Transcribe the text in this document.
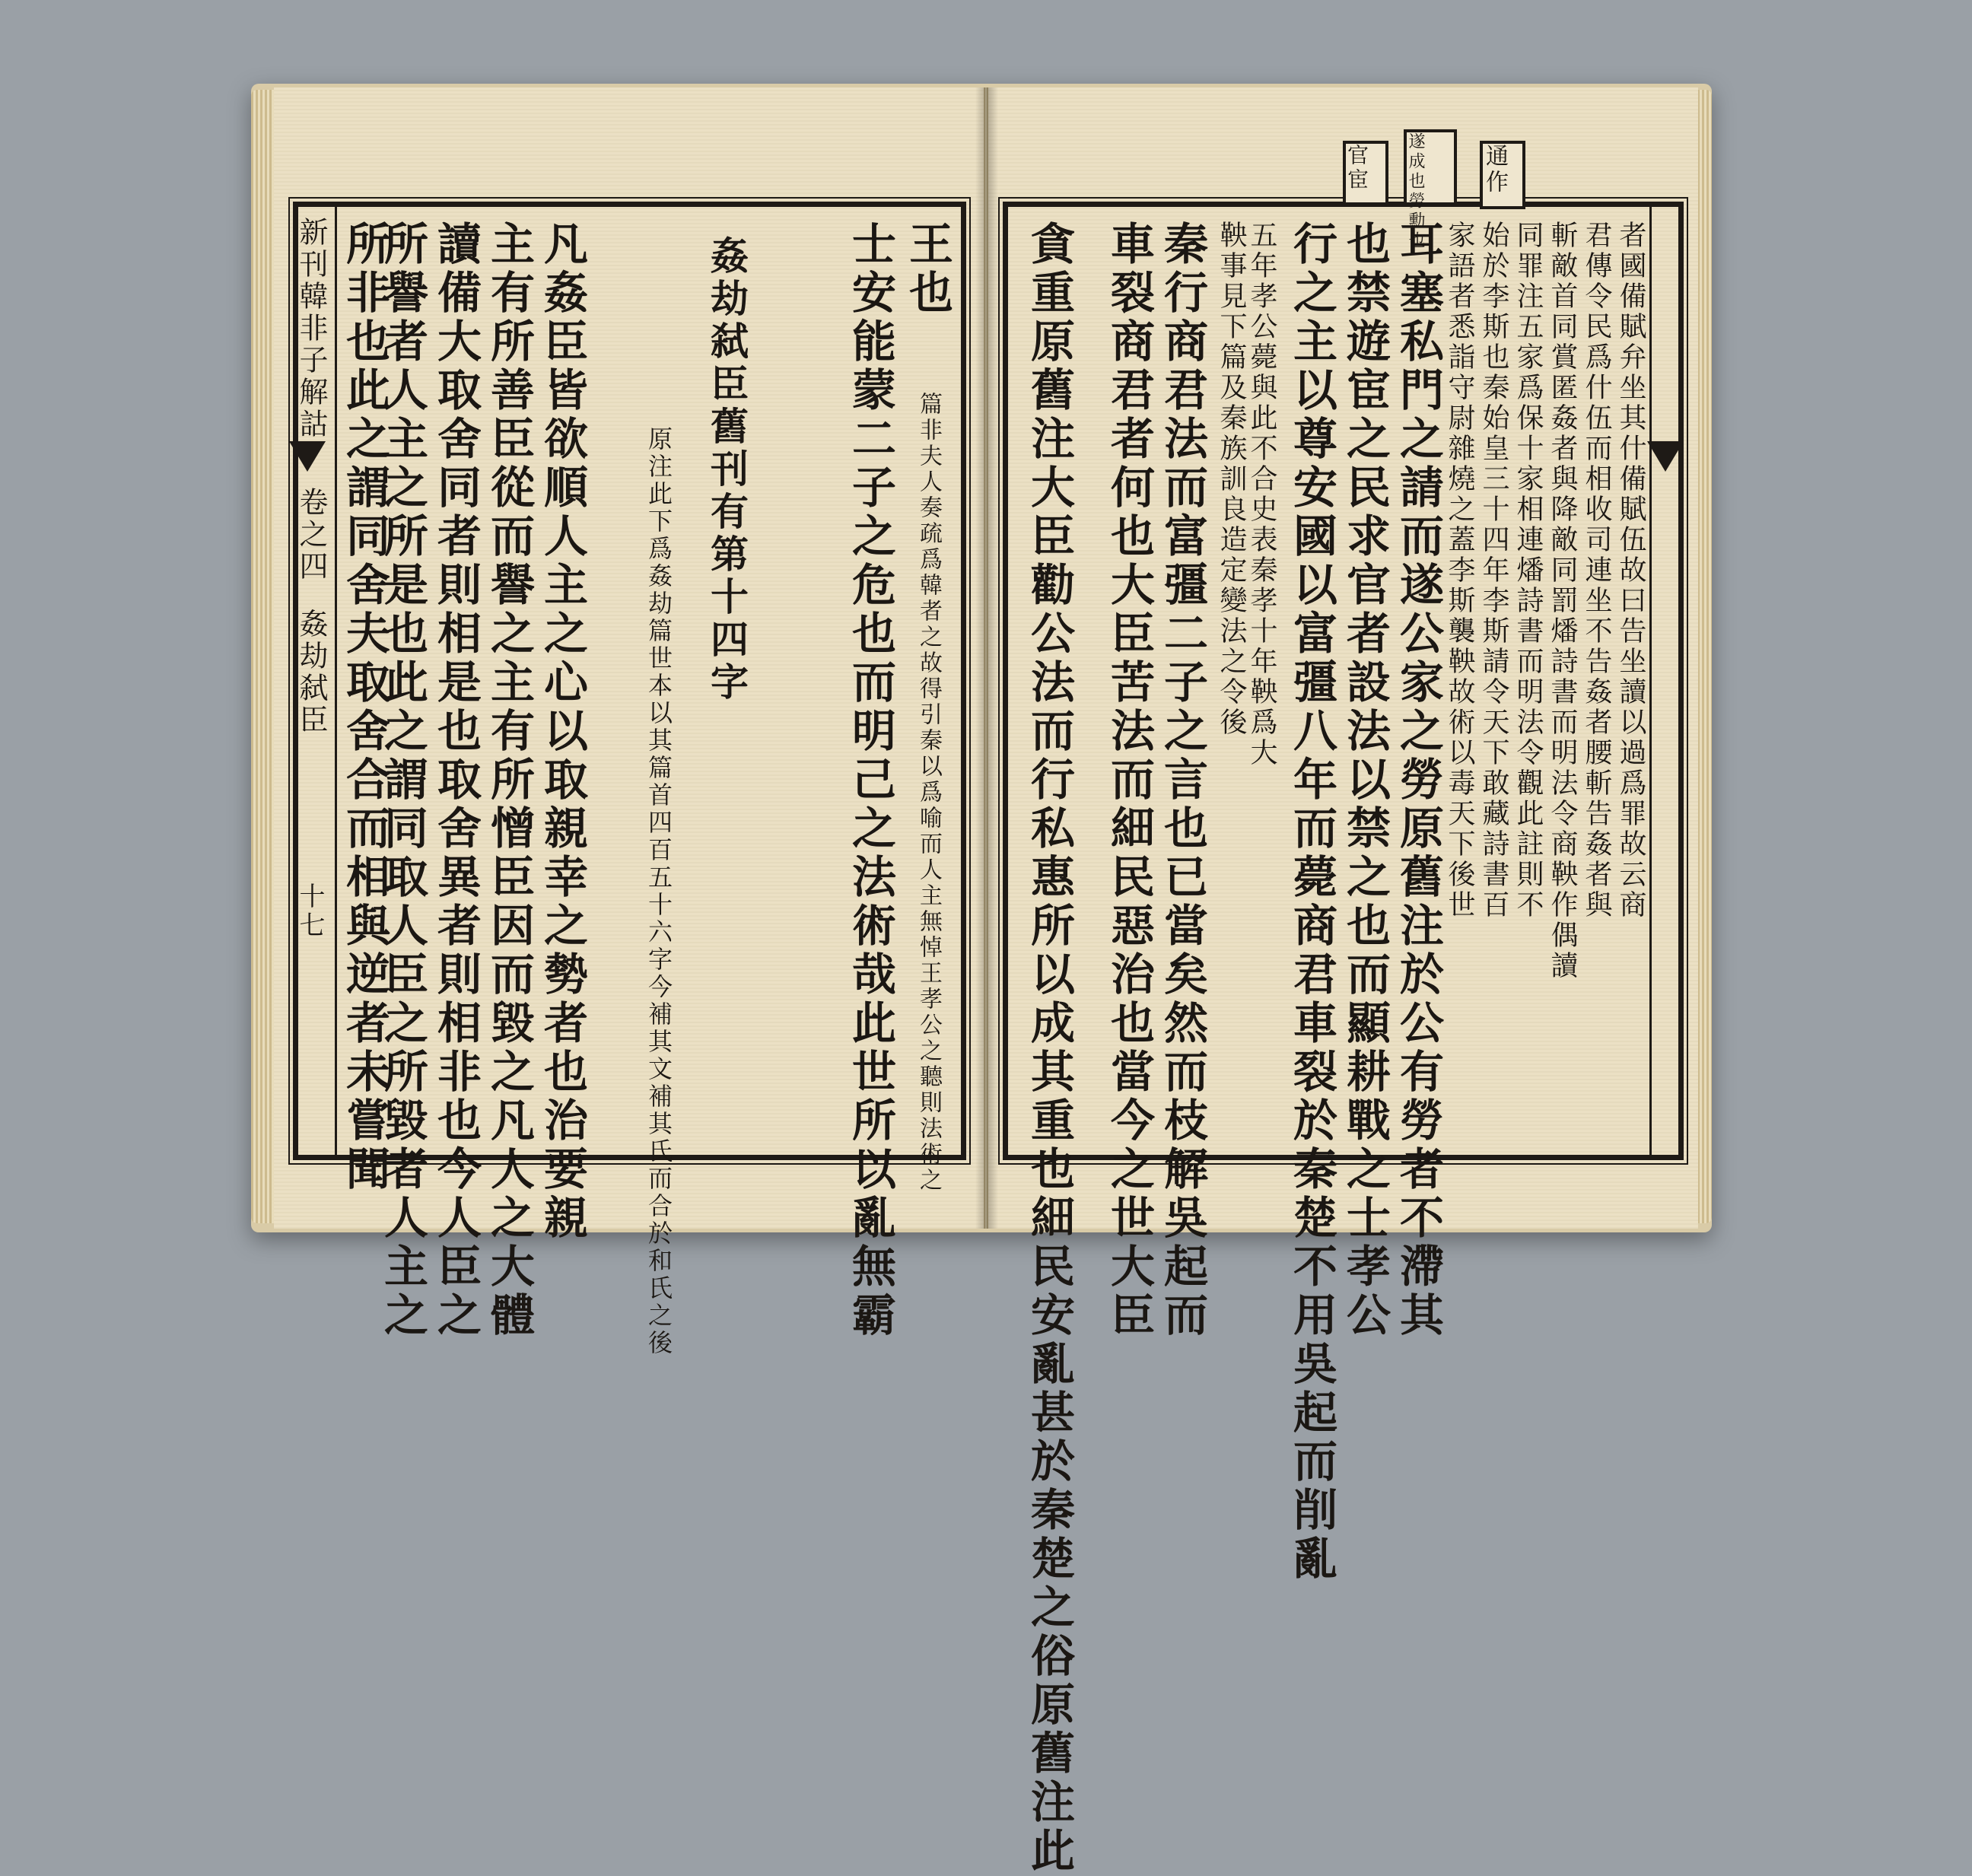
新刊韓非子解詁
卷之四
姦劫弑臣
十七
王也
士安能蒙二子之危也而明己之法術哉此世所以亂無霸 篇非夫人奏疏爲韓者之故得引秦以爲喻而人主無悼王孝公之聽則法術之
姦劫弑臣舊刊有第十四字
原注此下爲姦劫篇世本以其篇首四百五十六字今補其文補其氏而合於和氏之後
凡姦臣皆欲順人主之心以取親幸之勢者也治要親
主有所善臣從而譽之主有所憎臣因而毀之凡人之大體
讀備大取舍同者則相是也取舍異者則相非也今人臣之
所譽者人主之所是也此之謂同取人臣之所毀者人主之
所非也此之謂同舍夫取舍合而相與逆者未嘗聞
通作
遂成也勞勳也
官宦
者國備賦弁坐其什備賦伍故曰告坐讀以過爲罪故云商
君傳令民爲什伍而相收司連坐不告姦者腰斬告姦者與
斬敵首同賞匿姦者與降敵同罰燔詩書而明法令商鞅作偶讀
同罪注五家爲保十家相連燔詩書而明法令觀此註則不
始於李斯也秦始皇三十四年李斯請令天下敢藏詩書百
家語者悉詣守尉雜燒之蓋李斯襲鞅故術以毒天下後世
耳塞私門之請而遂公家之勞原舊注於公有勞者不滯其
也禁遊宦之民求官者設法以禁之也而顯耕戰之士孝公
行之主以尊安國以富彊八年而薨商君車裂於秦楚不用吳起而削亂
五年孝公薨與此不合史表秦孝十年鞅爲大
鞅事見下篇及秦族訓良造定變法之令後
秦行商君法而富彊二子之言也已當矣然而枝解吳起而
車裂商君者何也大臣苦法而細民惡治也當今之世大臣
貪重原舊注大臣勸公法而行私惠所以成其重也細民安亂甚於秦楚之俗原舊注此
